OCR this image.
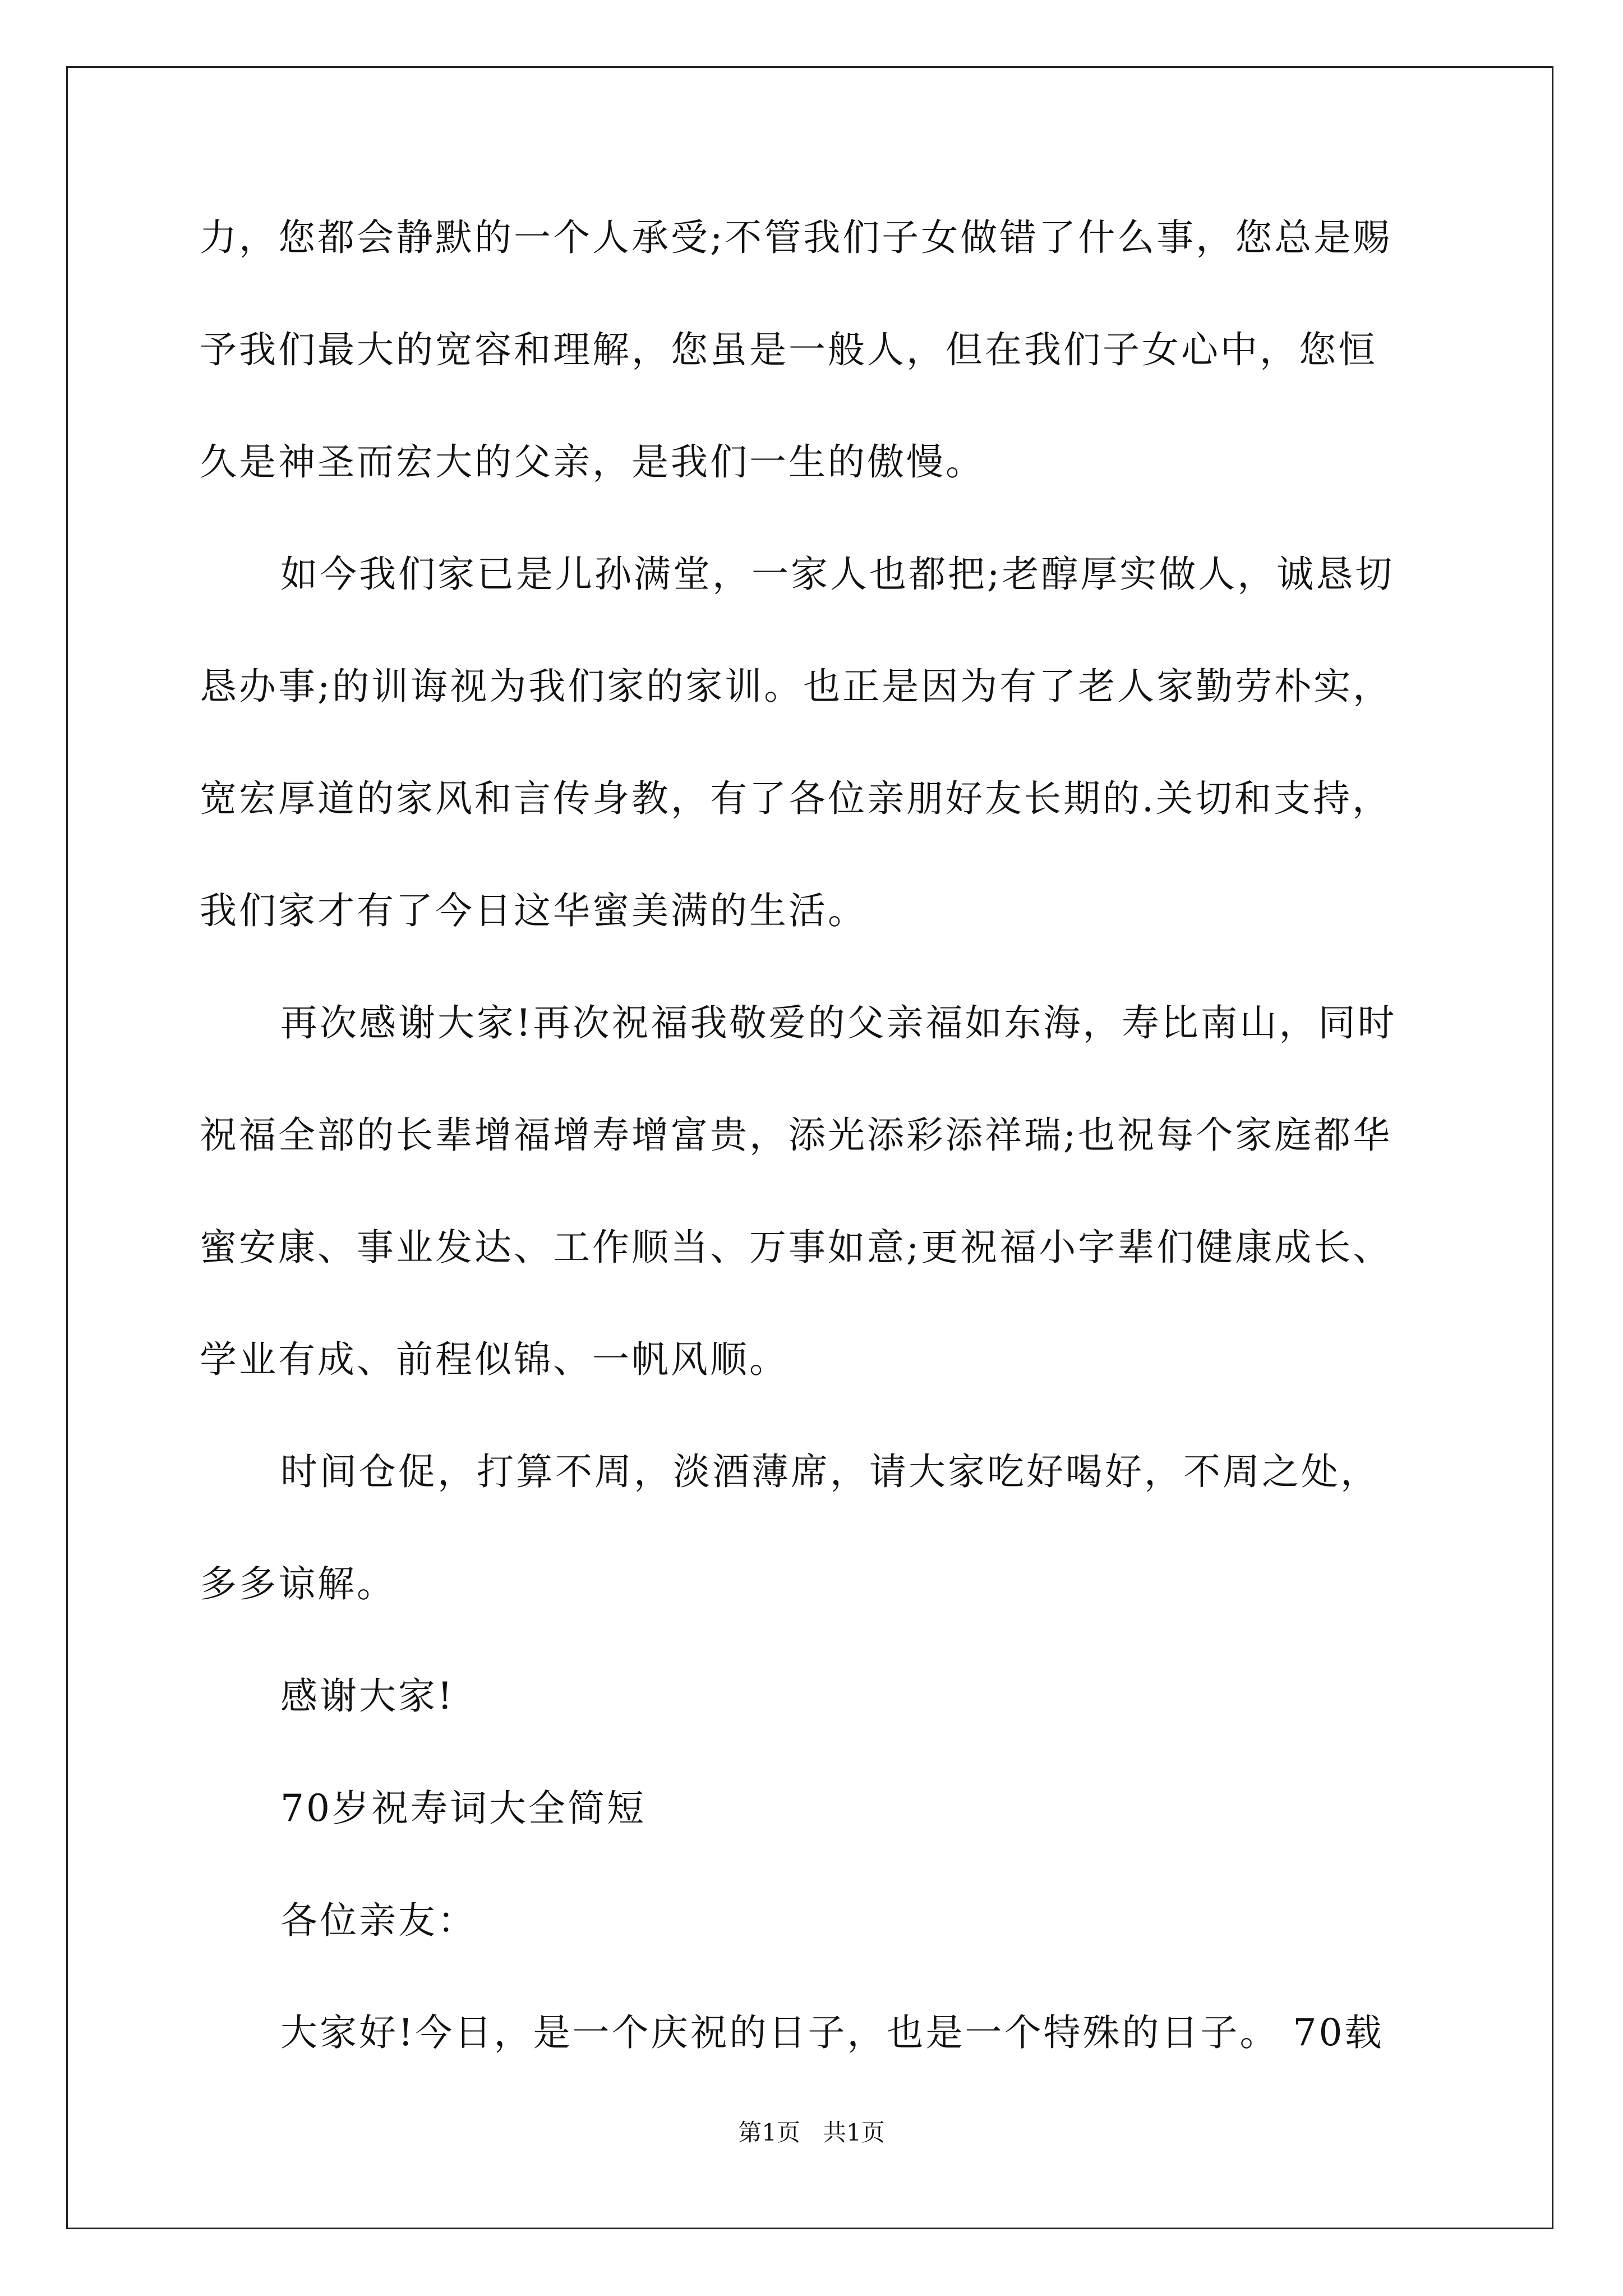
力，您都会静默的一个人承受;不管我们子女做错了什么事，您总是赐
予我们最大的宽容和理解，您虽是一般人，但在我们子女心中，您恒
久是神圣而宏大的父亲，是我们一生的傲慢。
如今我们家已是儿孙满堂，一家人也都把;老醇厚实做人，诚恳切
恳办事;的训诲视为我们家的家训。也正是因为有了老人家勤劳朴实，
宽宏厚道的家风和言传身教，有了各位亲朋好友长期的.关切和支持，
我们家才有了今日这华蜜美满的生活。
再次感谢大家!再次祝福我敬爱的父亲福如东海，寿比南山，同时
祝福全部的长辈增福增寿增富贵，添光添彩添祥瑞;也祝每个家庭都华
蜜安康、事业发达、工作顺当、万事如意;更祝福小字辈们健康成长、
学业有成、前程似锦、一帆风顺。
时间仓促，打算不周，淡酒薄席，请大家吃好喝好，不周之处，
多多谅解。
感谢大家!
70岁祝寿词大全简短
各位亲友：
大家好!今日，是一个庆祝的日子，也是一个特殊的日子。 70载
第1页   共1页
